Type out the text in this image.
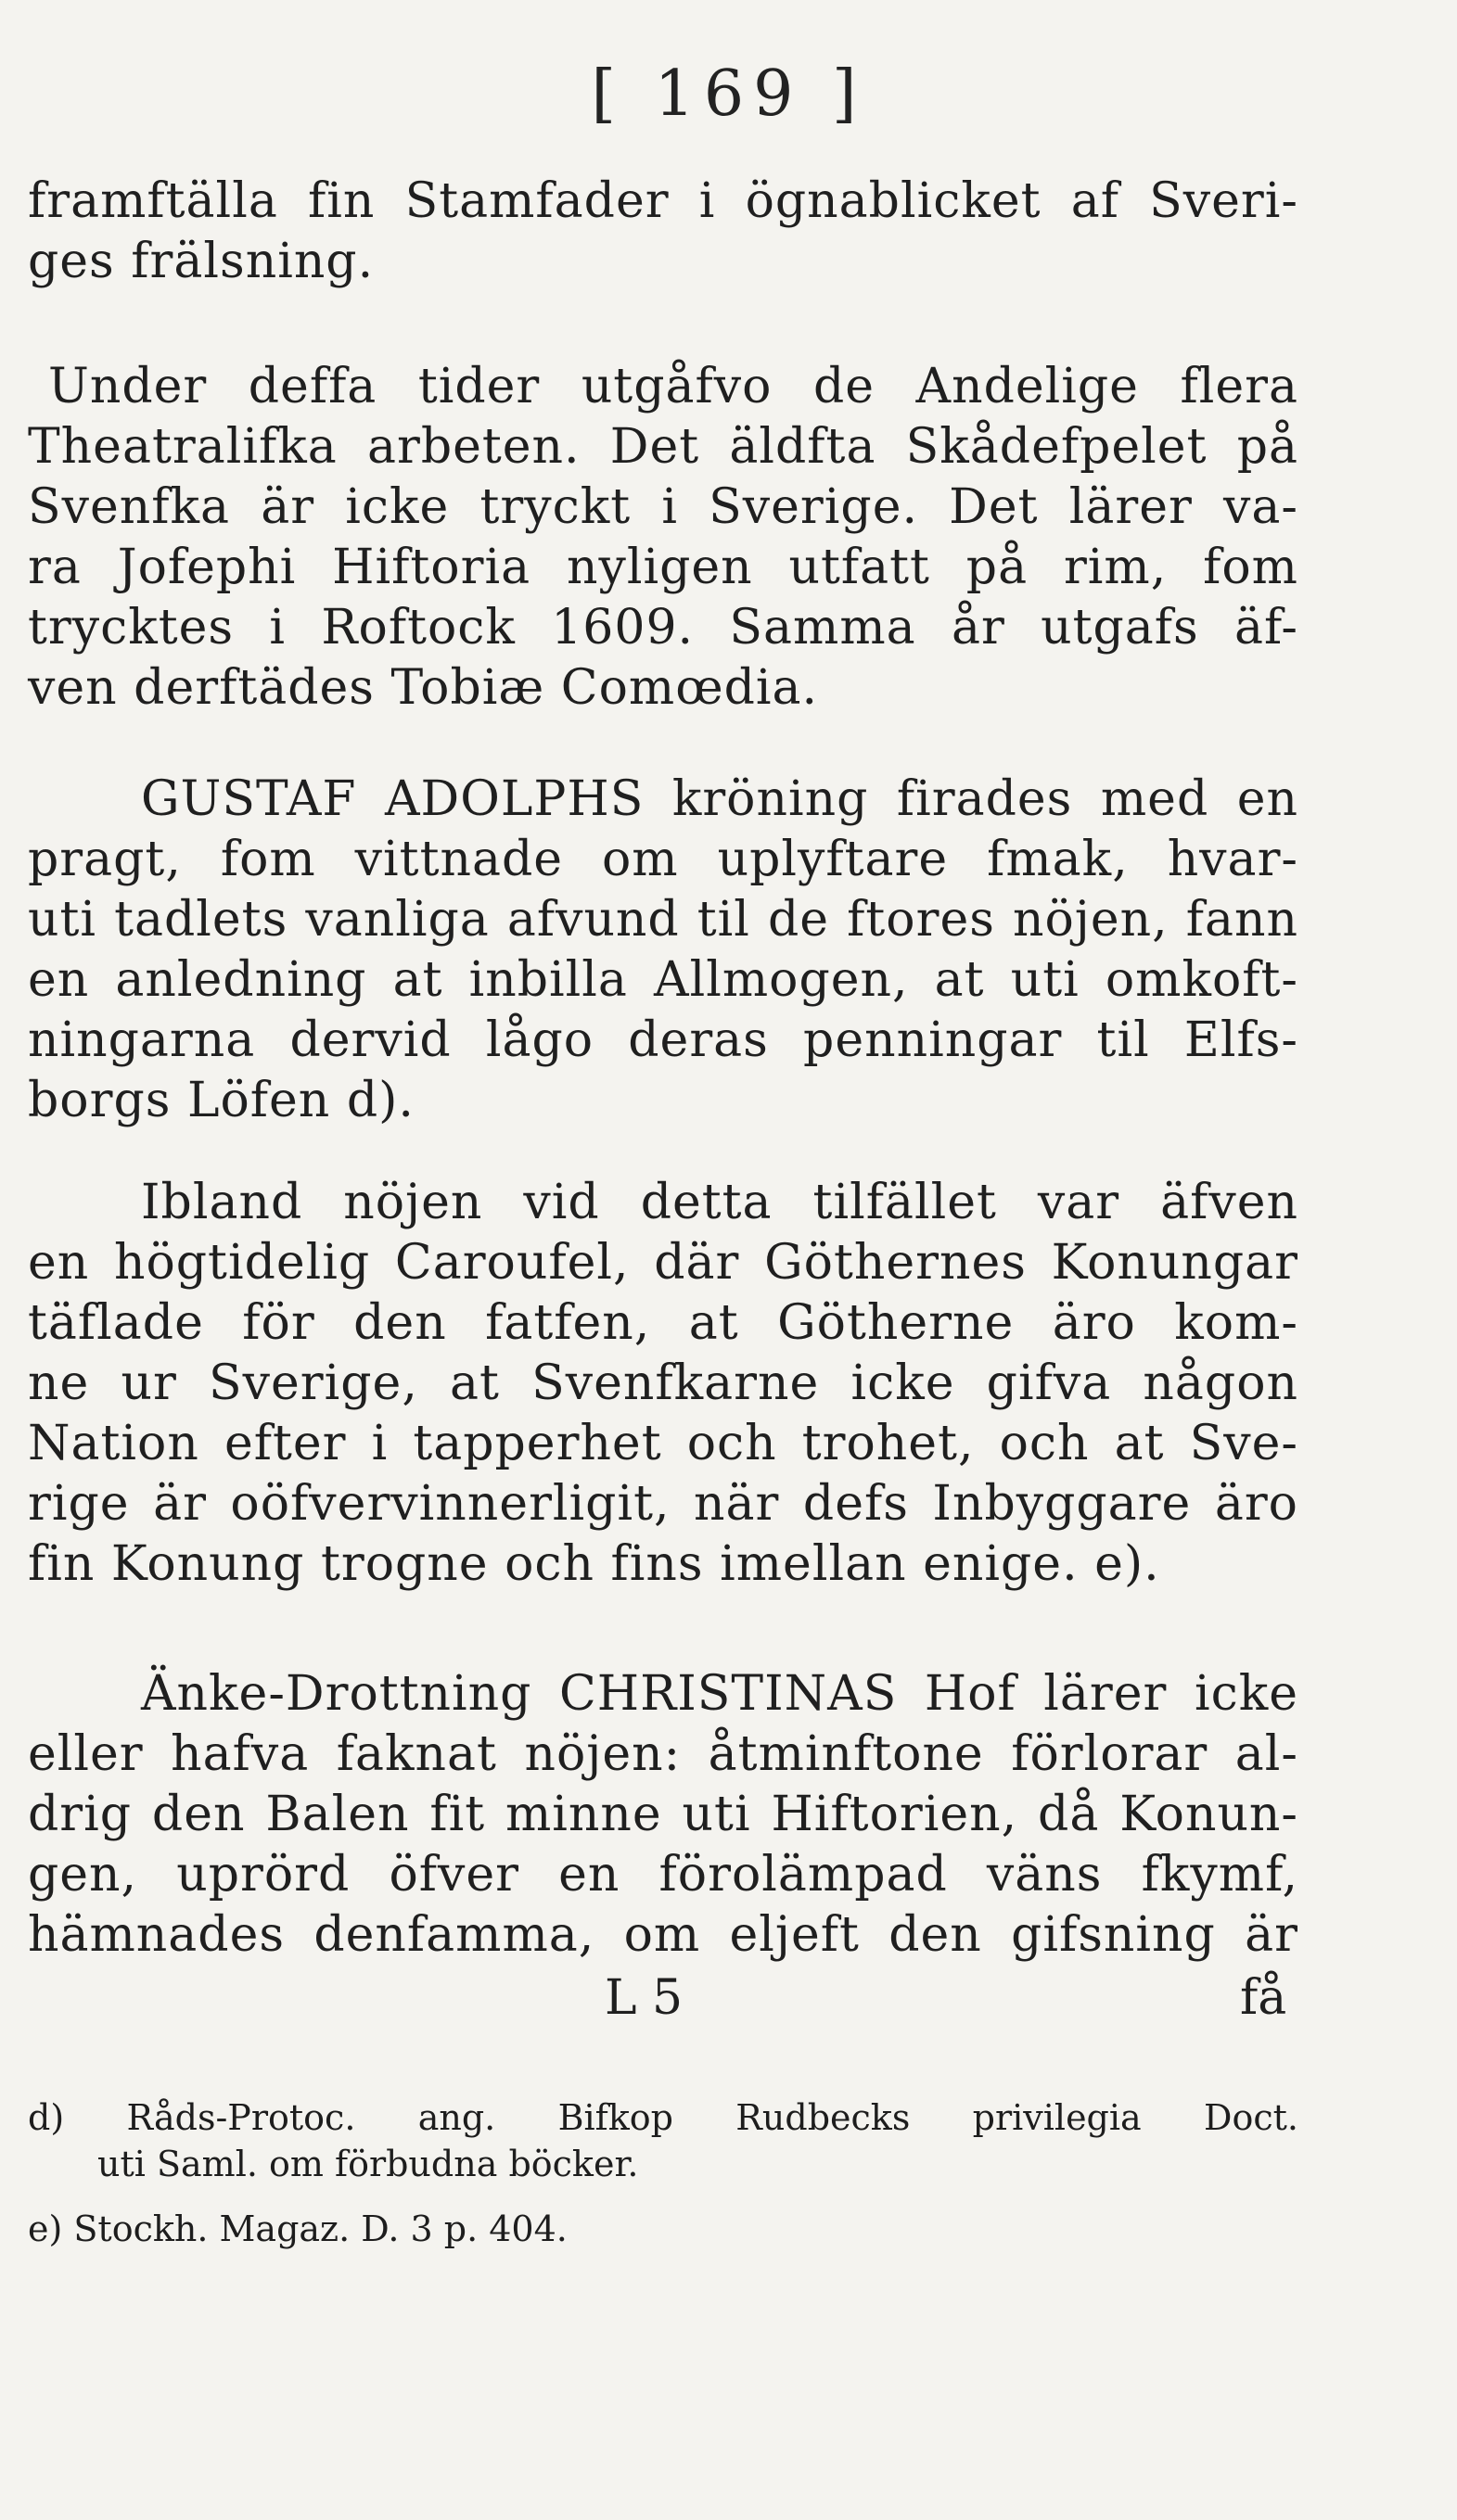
[ 169 ]
framftälla fin Stamfader i ögnablicket af Sveri-
ges frälsning.
Under deffa tider utgåfvo de Andelige flera
Theatralifka arbeten. Det äldfta Skådefpelet på
Svenfka är icke tryckt i Sverige. Det lärer va-
ra Jofephi Hiftoria nyligen utfatt på rim, fom
trycktes i Roftock 1609. Samma år utgafs äf-
ven derftädes Tobiæ Comœdia.
GUSTAF ADOLPHS kröning firades med en
pragt, fom vittnade om uplyftare fmak, hvar-
uti tadlets vanliga afvund til de ftores nöjen, fann
en anledning at inbilla Allmogen, at uti omkoft-
ningarna dervid lågo deras penningar til Elfs-
borgs Löfen d).
Ibland nöjen vid detta tilfället var äfven
en högtidelig Caroufel, där Göthernes Konungar
täflade för den fatfen, at Götherne äro kom-
ne ur Sverige, at Svenfkarne icke gifva någon
Nation efter i tapperhet och trohet, och at Sve-
rige är oöfvervinnerligit, när defs Inbyggare äro
fin Konung trogne och fins imellan enige. e).
Änke-Drottning CHRISTINAS Hof lärer icke
eller hafva faknat nöjen: åtminftone förlorar al-
drig den Balen fit minne uti Hiftorien, då Konun-
gen, uprörd öfver en förolämpad väns fkymf,
hämnades denfamma, om eljeft den gifsning är
L 5	få
d) Råds-Protoc. ang. Bifkop Rudbecks privilegia Doct.
uti Saml. om förbudna böcker.
e) Stockh. Magaz. D. 3 p. 404.
